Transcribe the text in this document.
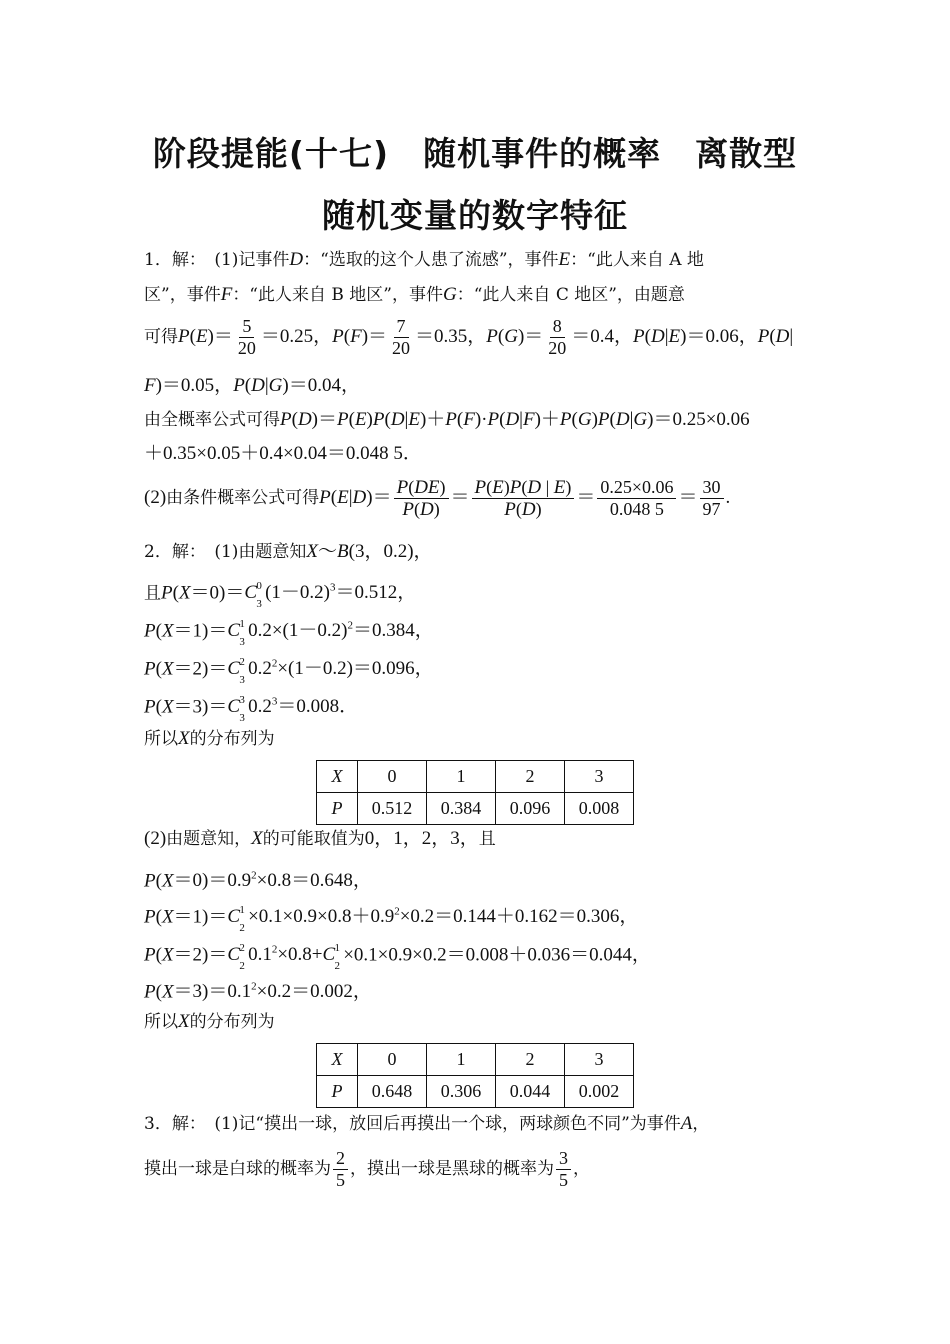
阶段提能(十七)　随机事件的概率　离散型
随机变量的数字特征
1．解：　(1)记事件D：“选取的这个人患了流感”，事件E：“此人来自 A 地
区”，事件F：“此人来自 B 地区”，事件G：“此人来自 C 地区”，由题意
可得$P(E)= \frac{5}{20} =0.25$，$P(F)= \frac{7}{20} =0.35$，$P(G)= \frac{8}{20} =0.4$，P(D|E)＝0.06，P(D|
F)＝0.05，P(D|G)＝0.04，
由全概率公式可得P(D)＝P(E)P(D|E)＋P(F)·P(D|F)＋P(G)P(D|G)＝0.25×0.06
＋0.35×0.05＋0.4×0.04＝0.048 5．
(2)由条件概率公式可得$P(E|D)= \frac{P(DE)}{P(D)} = \frac{P(E)P(D | E)}{P(D)} = \frac{0.25\times 0.06}{0.048 5} = \frac{30}{97}$ .
2．解：　(1)由题意知X～B(3，0.2)，
且P(X＝0)＝C 0
3
$(1-0.2)^3=0.512$，
P(X＝1)＝C 1
3
$0.2\times(1-0.2)^2=0.384$，
P(X＝2)＝C 2
3
$0.2^2\times(1-0.2)=0.096$，
P(X＝3)＝C 3
3
$0.2^3=0.008$．
所以X的分布列为
X	0	1	2	3
P	0.512	0.384	0.096	0.008
(2)由题意知，X的可能取值为0，1，2，3，且
$P(X=0)=0.9^2\times 0.8=0.648$，
P(X＝1)＝C 1
2
$\times 0.1\times 0.9\times 0.8+0.9^2\times 0.2=0.144+0.162=0.306$，
P(X＝2)＝C 2
2
$0.1^2\times 0.8+C$ 1
2
×0.1×0.9×0.2＝0.008＋0.036＝0.044，
$P(X=3)=0.1^2\times 0.2=0.002$，
所以X的分布列为
X	0	1	2	3
P	0.648	0.306	0.044	0.002
3．解：　(1)记“摸出一球，放回后再摸出一个球，两球颜色不同”为事件A，
摸出一球是白球的概率为 $\frac{2}{5}$ ，摸出一球是黑球的概率为 $\frac{3}{5}$ ，
